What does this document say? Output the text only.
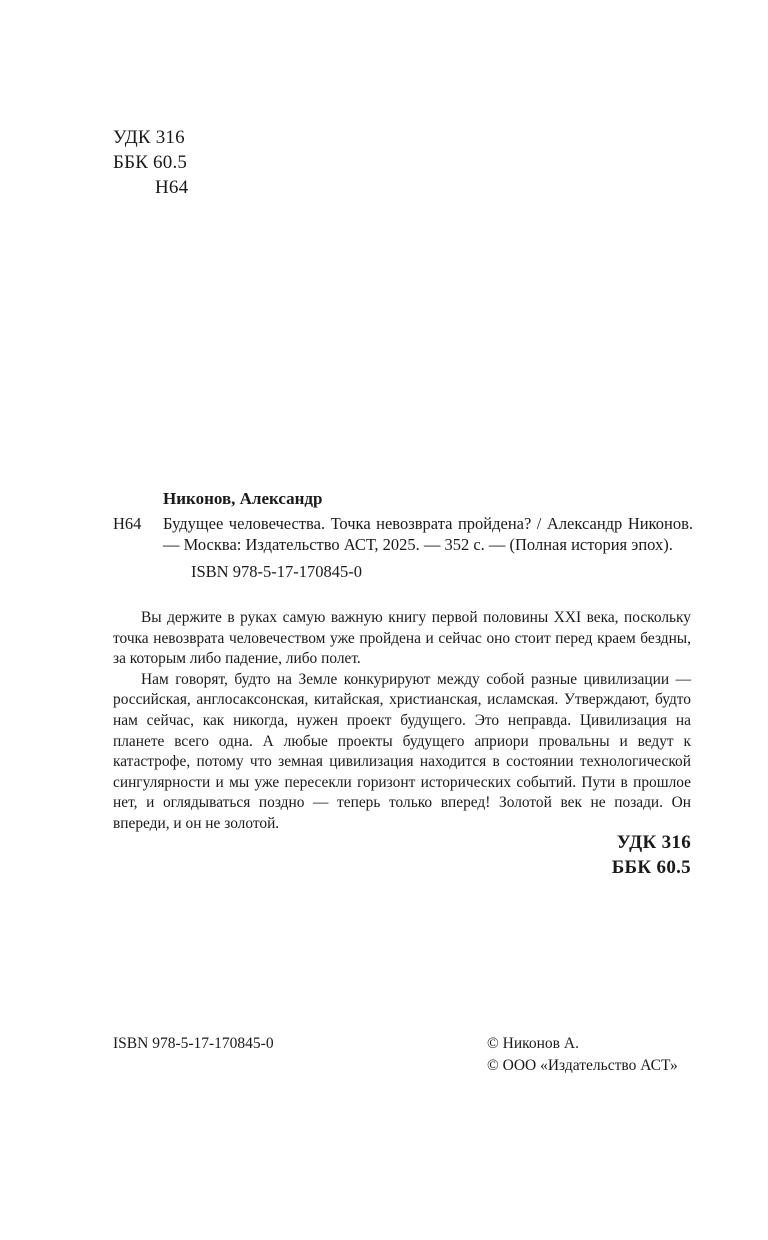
УДК 316
ББК 60.5
Н64
Никонов, Александр
Н64 Будущее человечества. Точка невозврата пройдена? / Александр Никонов. — Москва: Издательство АСТ, 2025. — 352 с. — (Полная история эпох).
ISBN 978-5-17-170845-0

Вы держите в руках самую важную книгу первой половины XXI века, поскольку точка невозврата человечеством уже пройдена и сейчас оно стоит перед краем бездны, за которым либо падение, либо полет.

Нам говорят, будто на Земле конкурируют между собой разные цивилизации — российская, англосаксонская, китайская, христианская, исламская. Утверждают, будто нам сейчас, как никогда, нужен проект будущего. Это неправда. Цивилизация на планете всего одна. А любые проекты будущего априори провальны и ведут к катастрофе, потому что земная цивилизация находится в состоянии технологической сингулярности и мы уже пересекли горизонт исторических событий. Пути в прошлое нет, и оглядываться поздно — теперь только вперед! Золотой век не позади. Он впереди, и он не золотой.

УДК 316
ББК 60.5
ISBN 978-5-17-170845-0	© Никонов А.
© ООО «Издательство АСТ»
